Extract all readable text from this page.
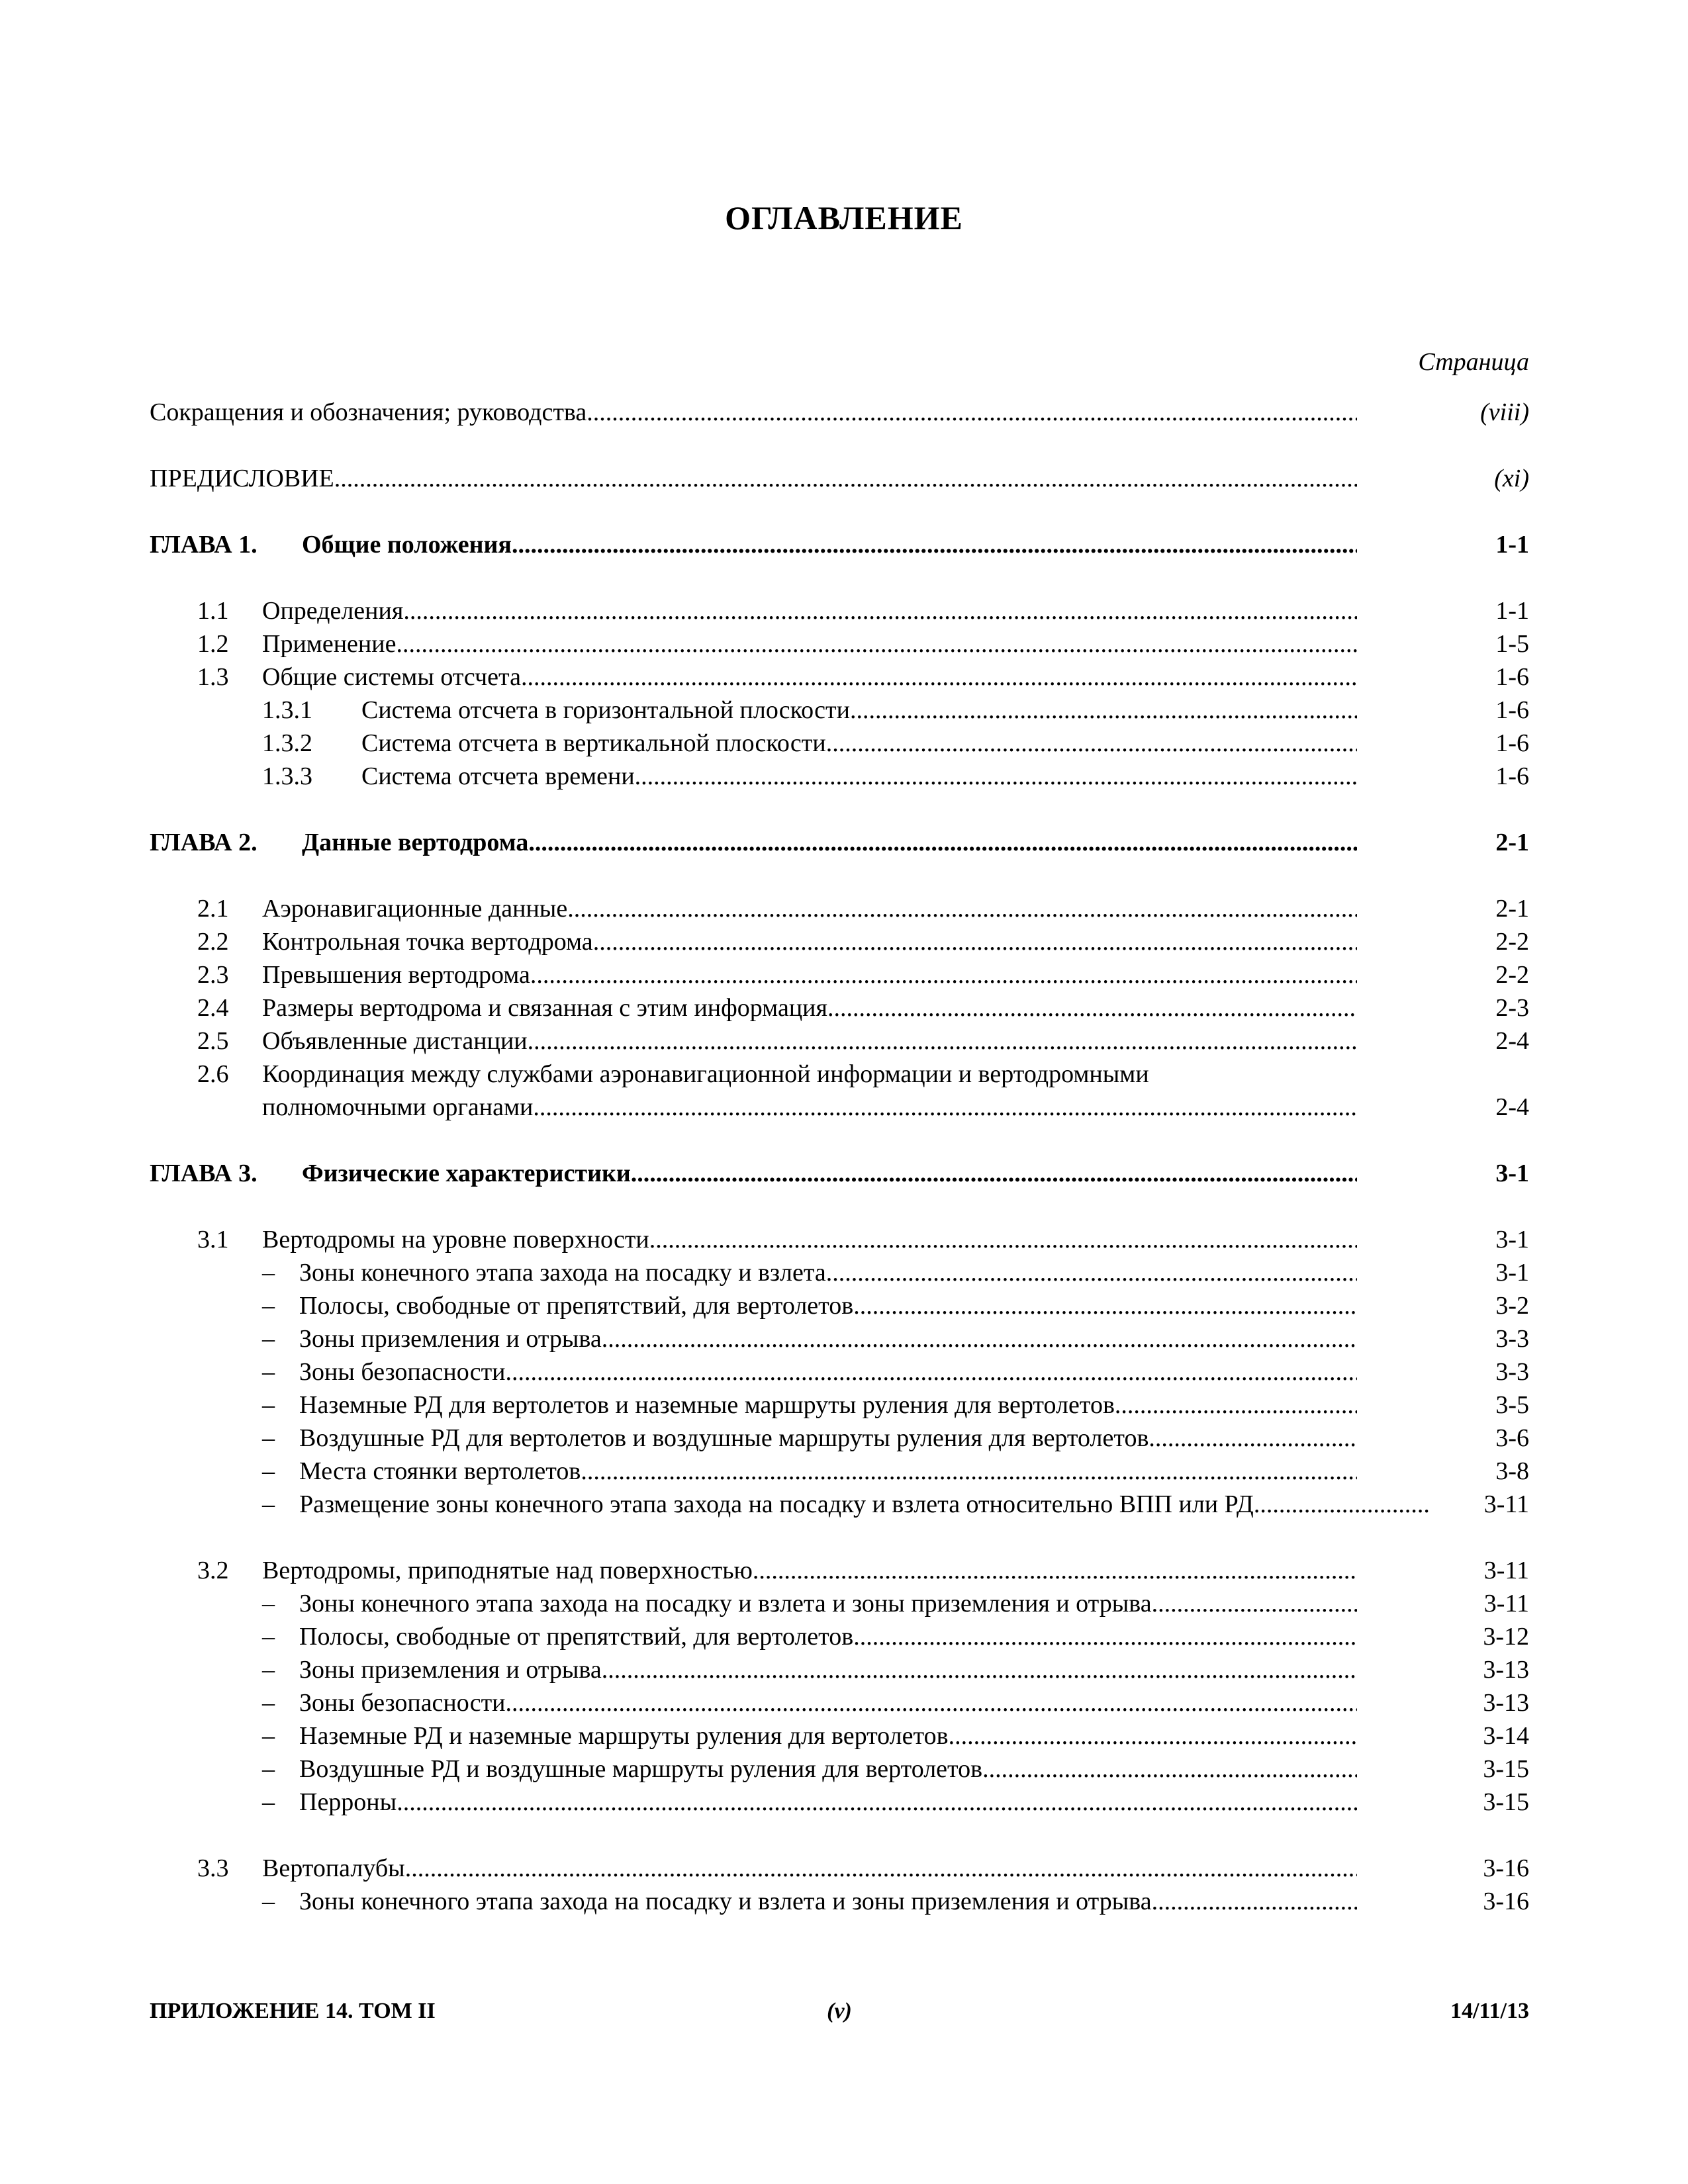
ОГЛАВЛЕНИЕ
Страница
Сокращения и обозначения; руководства .....	(viii)
ПРЕДИСЛОВИЕ .....	(xi)
ГЛАВА 1. Общие положения .....	1-1
1.1 Определения .....	1-1
1.2 Применение .....	1-5
1.3 Общие системы отсчета .....	1-6
1.3.1 Система отсчета в горизонтальной плоскости .....	1-6
1.3.2 Система отсчета в вертикальной плоскости .....	1-6
1.3.3 Система отсчета времени .....	1-6
ГЛАВА 2. Данные вертодрома .....	2-1
2.1 Аэронавигационные данные .....	2-1
2.2 Контрольная точка вертодрома .....	2-2
2.3 Превышения вертодрома .....	2-2
2.4 Размеры вертодрома и связанная с этим информация .....	2-3
2.5 Объявленные дистанции .....	2-4
2.6 Координация между службами аэронавигационной информации и вертодромными
полномочными органами .....	2-4
ГЛАВА 3. Физические характеристики .....	3-1
3.1 Вертодромы на уровне поверхности .....	3-1
– Зоны конечного этапа захода на посадку и взлета .....	3-1
– Полосы, свободные от препятствий, для вертолетов .....	3-2
– Зоны приземления и отрыва .....	3-3
– Зоны безопасности .....	3-3
– Наземные РД для вертолетов и наземные маршруты руления для вертолетов .....	3-5
– Воздушные РД для вертолетов и воздушные маршруты руления для вертолетов .....	3-6
– Места стоянки вертолетов .....	3-8
– Размещение зоны конечного этапа захода на посадку и взлета относительно ВПП или РД .....	3-11
3.2 Вертодромы, приподнятые над поверхностью .....	3-11
– Зоны конечного этапа захода на посадку и взлета и зоны приземления и отрыва .....	3-11
– Полосы, свободные от препятствий, для вертолетов .....	3-12
– Зоны приземления и отрыва .....	3-13
– Зоны безопасности .....	3-13
– Наземные РД и наземные маршруты руления для вертолетов .....	3-14
– Воздушные РД и воздушные маршруты руления для вертолетов .....	3-15
– Перроны .....	3-15
3.3 Вертопалубы .....	3-16
– Зоны конечного этапа захода на посадку и взлета и зоны приземления и отрыва .....	3-16
ПРИЛОЖЕНИЕ 14. ТОМ II	(v)	14/11/13
